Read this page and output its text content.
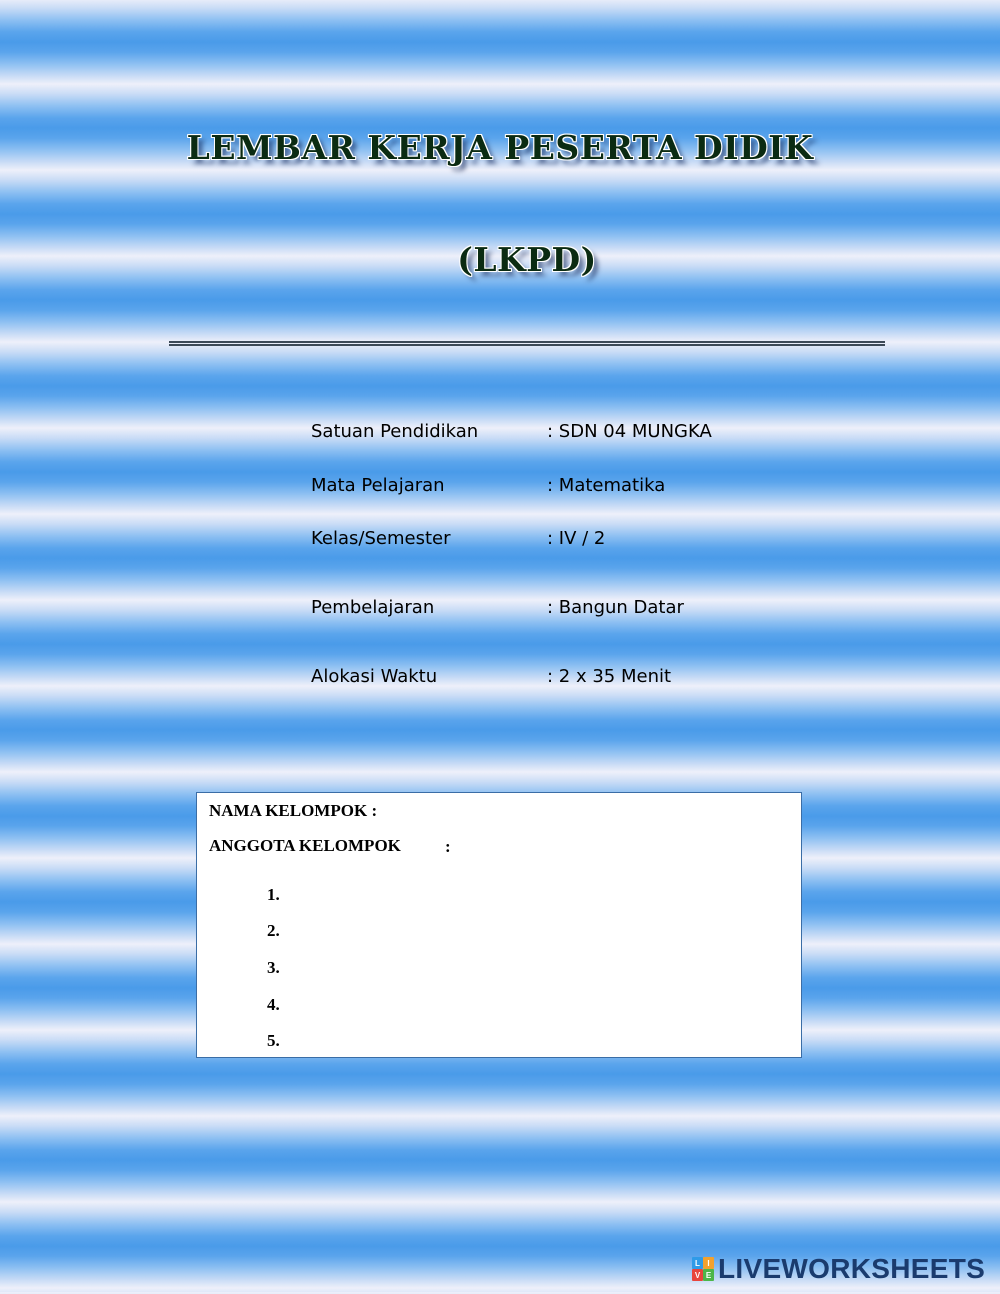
LEMBAR KERJA PESERTA DIDIK
(LKPD)
Satuan Pendidikan	: SDN 04 MUNGKA
Mata Pelajaran	: Matematika
Kelas/Semester	: IV / 2
Pembelajaran	: Bangun Datar
Alokasi Waktu	: 2 x 35 Menit
NAMA KELOMPOK :
ANGGOTA KELOMPOK	:
1.
2.
3.
4.
5.
L I
V E LIVEWORKSHEETS
